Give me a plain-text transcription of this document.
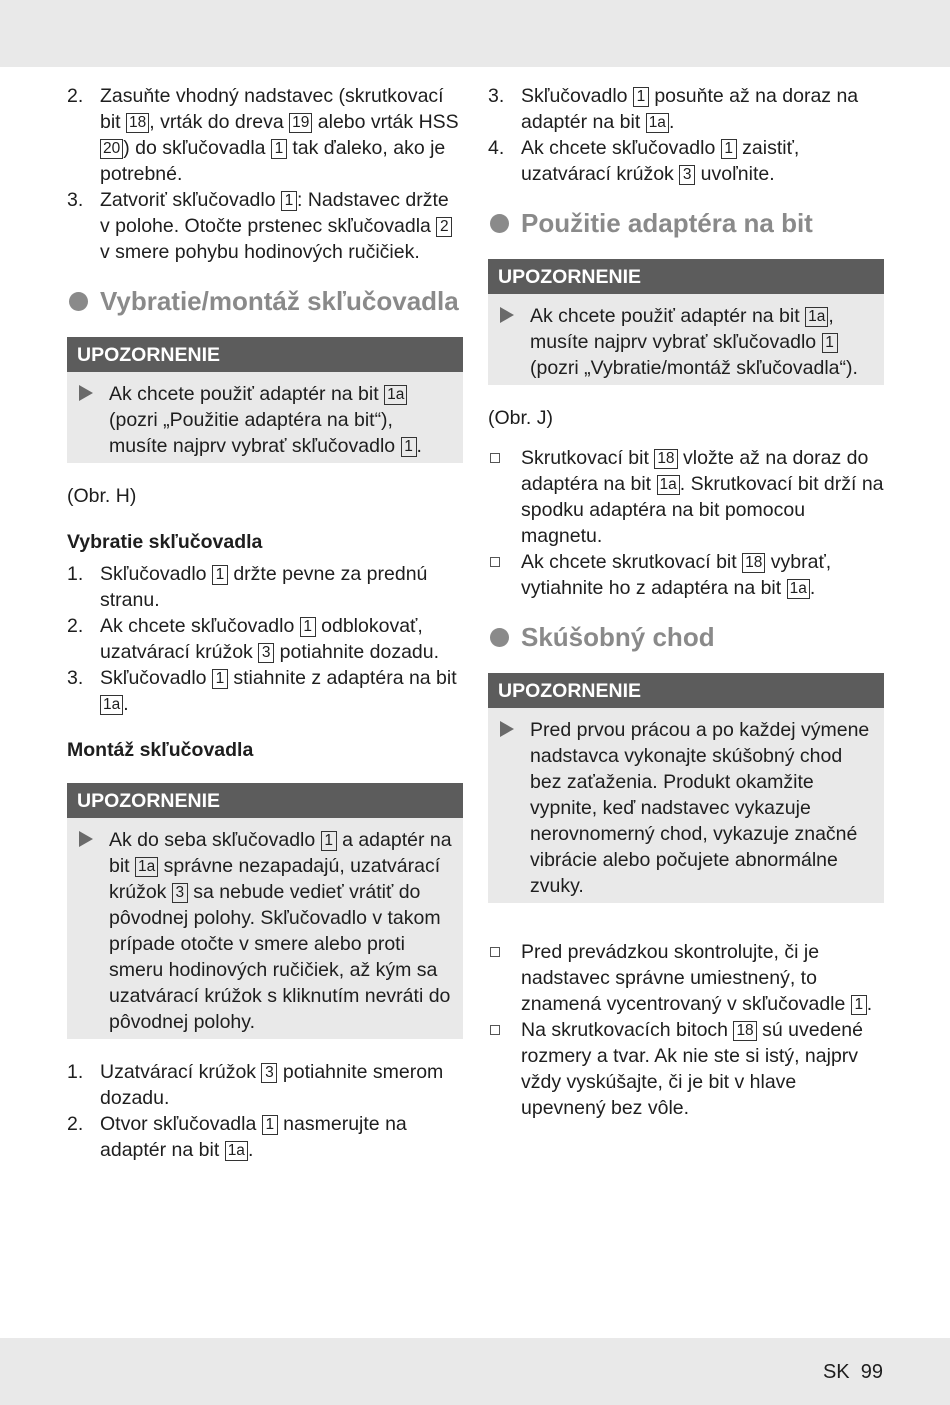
2. Zasuňte vhodný nadstavec (skrutkovací bit 18 , vrták do dreva 19 alebo vrták HSS 20 ) do skľučovadla 1 tak ďaleko, ako je potrebné.
3. Zatvoriť skľučovadlo 1 : Nadstavec držte v polohe. Otočte prstenec skľučovadla 2 v smere pohybu hodinových ručičiek.
Vybratie/montáž skľučovadla
UPOZORNENIE
Ak chcete použiť adaptér na bit 1a (pozri „Použitie adaptéra na bit“), musíte najprv vybrať skľučovadlo 1 .
(Obr. H)
Vybratie skľučovadla
1. Skľučovadlo 1 držte pevne za prednú stranu.
2. Ak chcete skľučovadlo 1 odblokovať, uzatvárací krúžok 3 potiahnite dozadu.
3. Skľučovadlo 1 stiahnite z adaptéra na bit 1a .
Montáž skľučovadla
UPOZORNENIE
Ak do seba skľučovadlo 1 a adaptér na bit 1a správne nezapadajú, uzatvárací krúžok 3 sa nebude vedieť vrátiť do pôvodnej polohy. Skľučovadlo v takom prípade otočte v smere alebo proti smeru hodinových ručičiek, až kým sa uzatvárací krúžok s kliknutím nevráti do pôvodnej polohy.
1. Uzatvárací krúžok 3 potiahnite smerom dozadu.
2. Otvor skľučovadla 1 nasmerujte na adaptér na bit 1a .
3. Skľučovadlo 1 posuňte až na doraz na adaptér na bit 1a .
4. Ak chcete skľučovadlo 1 zaistiť, uzatvárací krúžok 3 uvoľnite.
Použitie adaptéra na bit
UPOZORNENIE
Ak chcete použiť adaptér na bit 1a , musíte najprv vybrať skľučovadlo 1 (pozri „Vybratie/montáž skľučovadla“).
(Obr. J)
Skrutkovací bit 18 vložte až na doraz do adaptéra na bit 1a . Skrutkovací bit drží na spodku adaptéra na bit pomocou magnetu.
Ak chcete skrutkovací bit 18 vybrať, vytiahnite ho z adaptéra na bit 1a .
Skúšobný chod
UPOZORNENIE
Pred prvou prácou a po každej výmene nadstavca vykonajte skúšobný chod bez zaťaženia. Produkt okamžite vypnite, keď nadstavec vykazuje nerovnomerný chod, vykazuje značné vibrácie alebo počujete abnormálne zvuky.
Pred prevádzkou skontrolujte, či je nadstavec správne umiestnený, to znamená vycentrovaný v skľučovadle 1 .
Na skrutkovacích bitoch 18 sú uvedené rozmery a tvar. Ak nie ste si istý, najprv vždy vyskúšajte, či je bit v hlave upevnený bez vôle.
SK 99
